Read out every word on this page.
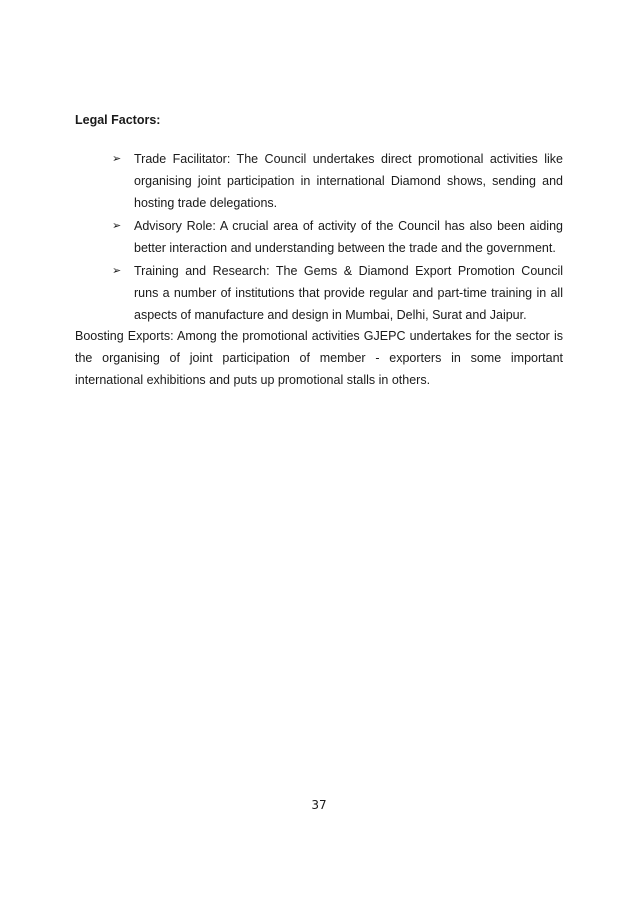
Legal Factors:
➢ Trade Facilitator: The Council undertakes direct promotional activities like organising joint participation in international Diamond shows, sending and hosting trade delegations.
➢ Advisory Role: A crucial area of activity of the Council has also been aiding better interaction and understanding between the trade and the government.
➢ Training and Research: The Gems & Diamond Export Promotion Council runs a number of institutions that provide regular and part-time training in all aspects of manufacture and design in Mumbai, Delhi, Surat and Jaipur.

Boosting Exports: Among the promotional activities GJEPC undertakes for the sector is the organising of joint participation of member - exporters in some important international exhibitions and puts up promotional stalls in others.

37
